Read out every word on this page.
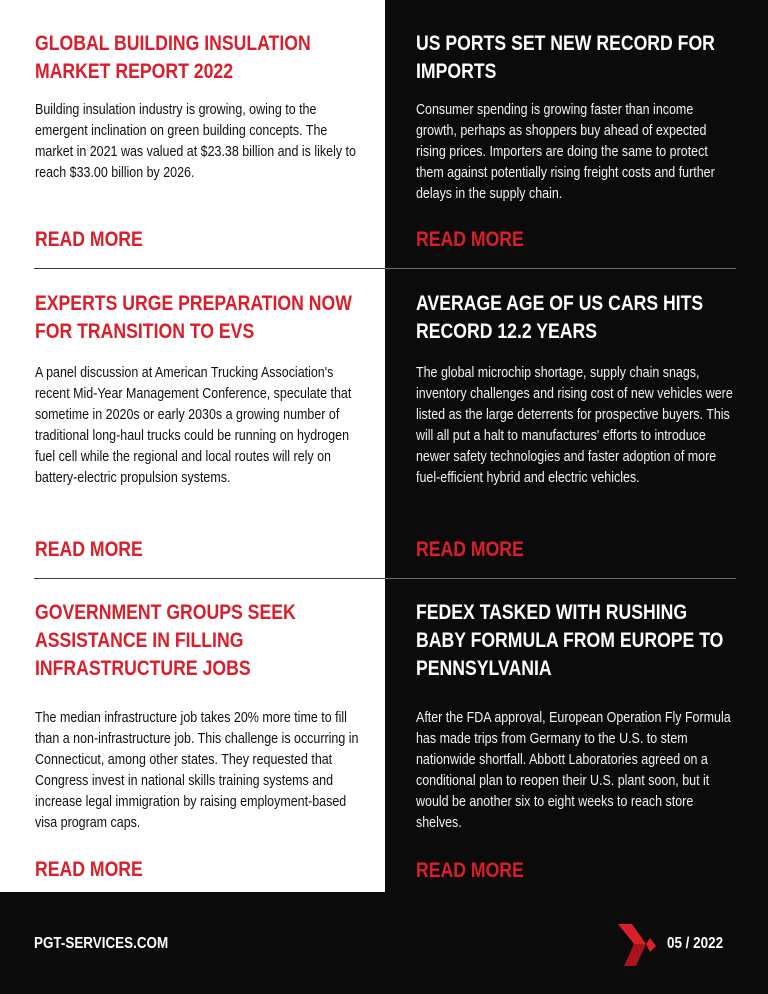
GLOBAL BUILDING INSULATION MARKET REPORT 2022
Building insulation industry is growing, owing to the emergent inclination on green building concepts. The market in 2021 was valued at $23.38 billion and is likely to reach $33.00 billion by 2026.
READ MORE
US PORTS SET NEW RECORD FOR IMPORTS
Consumer spending is growing faster than income growth, perhaps as shoppers buy ahead of expected rising prices. Importers are doing the same to protect them against potentially rising freight costs and further delays in the supply chain.
READ MORE
EXPERTS URGE PREPARATION NOW FOR TRANSITION TO EVS
A panel discussion at American Trucking Association's recent Mid-Year Management Conference, speculate that sometime in 2020s or early 2030s a growing number of traditional long-haul trucks could be running on hydrogen fuel cell while the regional and local routes will rely on battery-electric propulsion systems.
READ MORE
AVERAGE AGE OF US CARS HITS RECORD 12.2 YEARS
The global microchip shortage, supply chain snags, inventory challenges and rising cost of new vehicles were listed as the large deterrents for prospective buyers. This will all put a halt to manufactures' efforts to introduce newer safety technologies and faster adoption of more fuel-efficient hybrid and electric vehicles.
READ MORE
GOVERNMENT GROUPS SEEK ASSISTANCE IN FILLING INFRASTRUCTURE JOBS
The median infrastructure job takes 20% more time to fill than a non-infrastructure job. This challenge is occurring in Connecticut, among other states. They requested that Congress invest in national skills training systems and increase legal immigration by raising employment-based visa program caps.
READ MORE
FEDEX TASKED WITH RUSHING BABY FORMULA FROM EUROPE TO PENNSYLVANIA
After the FDA approval, European Operation Fly Formula has made trips from Germany to the U.S. to stem nationwide shortfall. Abbott Laboratories agreed on a conditional plan to reopen their U.S. plant soon, but it would be another six to eight weeks to reach store shelves.
READ MORE
PGT-SERVICES.COM	05 / 2022
